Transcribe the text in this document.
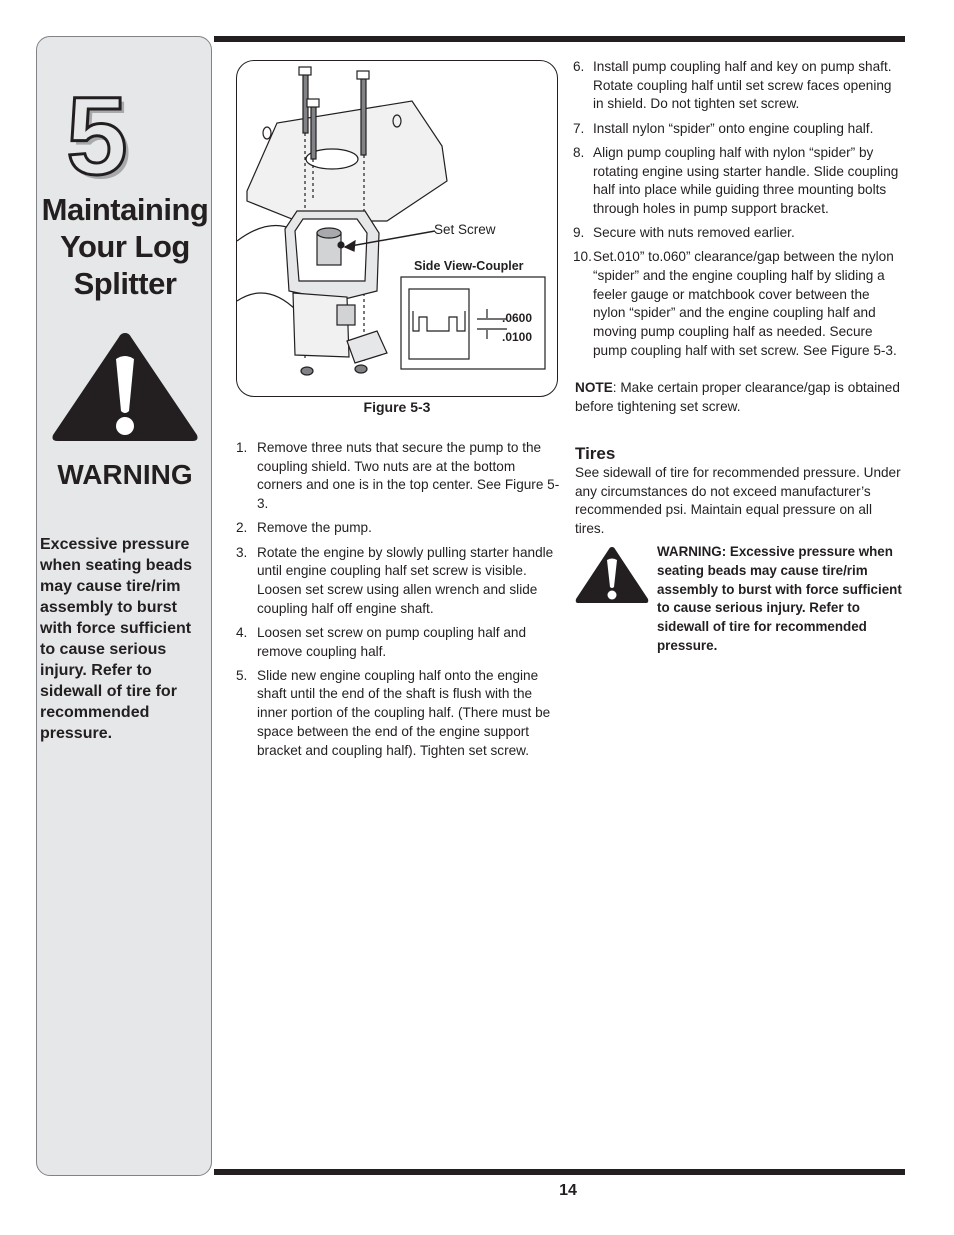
5
Maintaining
Your Log
Splitter
WARNING
Excessive pressure when seating beads may cause tire/rim assembly to burst with force sufficient to cause serious injury. Refer to sidewall of tire for recommended pressure.
Set Screw
Side View-Coupler
.0600
.0100
Figure 5-3
1. Remove three nuts that secure the pump to the coupling shield. Two nuts are at the bottom corners and one is in the top center. See Figure 5-3.
2. Remove the pump.
3. Rotate the engine by slowly pulling starter handle until engine coupling half set screw is visible. Loosen set screw using allen wrench and slide coupling half off engine shaft.
4. Loosen set screw on pump coupling half and remove coupling half.
5. Slide new engine coupling half onto the engine shaft until the end of the shaft is flush with the inner portion of the coupling half. (There must be space between the end of the engine support bracket and coupling half). Tighten set screw.
6. Install pump coupling half and key on pump shaft. Rotate coupling half until set screw faces opening in shield. Do not tighten set screw.
7. Install nylon “spider” onto engine coupling half.
8. Align pump coupling half with nylon “spider” by rotating engine using starter handle. Slide coupling half into place while guiding three mounting bolts through holes in pump support bracket.
9. Secure with nuts removed earlier.
10. Set.010” to.060” clearance/gap between the nylon “spider” and the engine coupling half by sliding a feeler gauge or matchbook cover between the nylon “spider” and the engine coupling half and moving pump coupling half as needed. Secure pump coupling half with set screw. See Figure 5-3.
NOTE: Make certain proper clearance/gap is obtained before tightening set screw.
Tires
See sidewall of tire for recommended pressure. Under any circumstances do not exceed manufacturer’s recommended psi. Maintain equal pressure on all tires.
WARNING: Excessive pressure when seating beads may cause tire/rim assembly to burst with force sufficient to cause serious injury. Refer to sidewall of tire for recommended pressure.
14
